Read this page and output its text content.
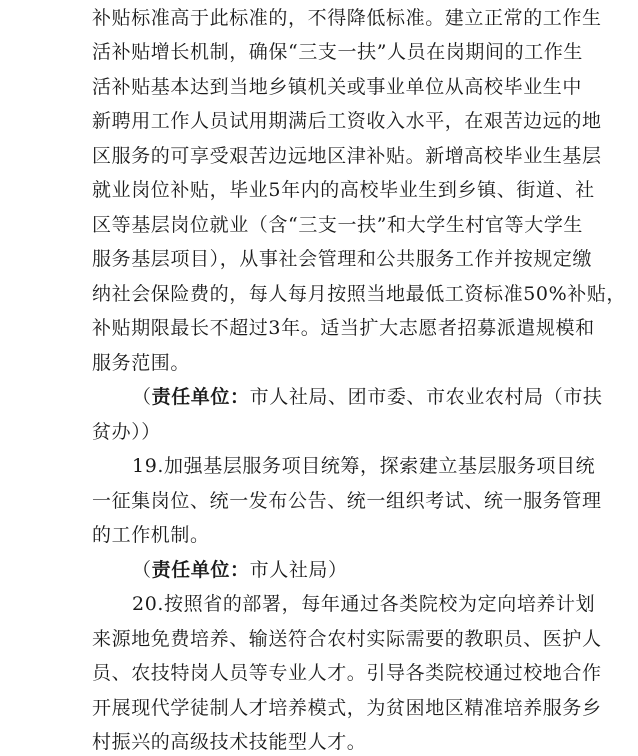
补贴标准高于此标准的，不得降低标准。建立正常的工作生
活补贴增长机制，确保“三支一扶”人员在岗期间的工作生
活补贴基本达到当地乡镇机关或事业单位从高校毕业生中
新聘用工作人员试用期满后工资收入水平，在艰苦边远的地
区服务的可享受艰苦边远地区津补贴。新增高校毕业生基层
就业岗位补贴，毕业5年内的高校毕业生到乡镇、街道、社
区等基层岗位就业（含“三支一扶”和大学生村官等大学生
服务基层项目），从事社会管理和公共服务工作并按规定缴
纳社会保险费的，每人每月按照当地最低工资标准50%补贴，
补贴期限最长不超过3年。适当扩大志愿者招募派遣规模和
服务范围。
（责任单位：市人社局、团市委、市农业农村局（市扶
贫办））
19.加强基层服务项目统筹，探索建立基层服务项目统
一征集岗位、统一发布公告、统一组织考试、统一服务管理
的工作机制。
（责任单位：市人社局）
20.按照省的部署，每年通过各类院校为定向培养计划
来源地免费培养、输送符合农村实际需要的教职员、医护人
员、农技特岗人员等专业人才。引导各类院校通过校地合作
开展现代学徒制人才培养模式，为贫困地区精准培养服务乡
村振兴的高级技术技能型人才。
